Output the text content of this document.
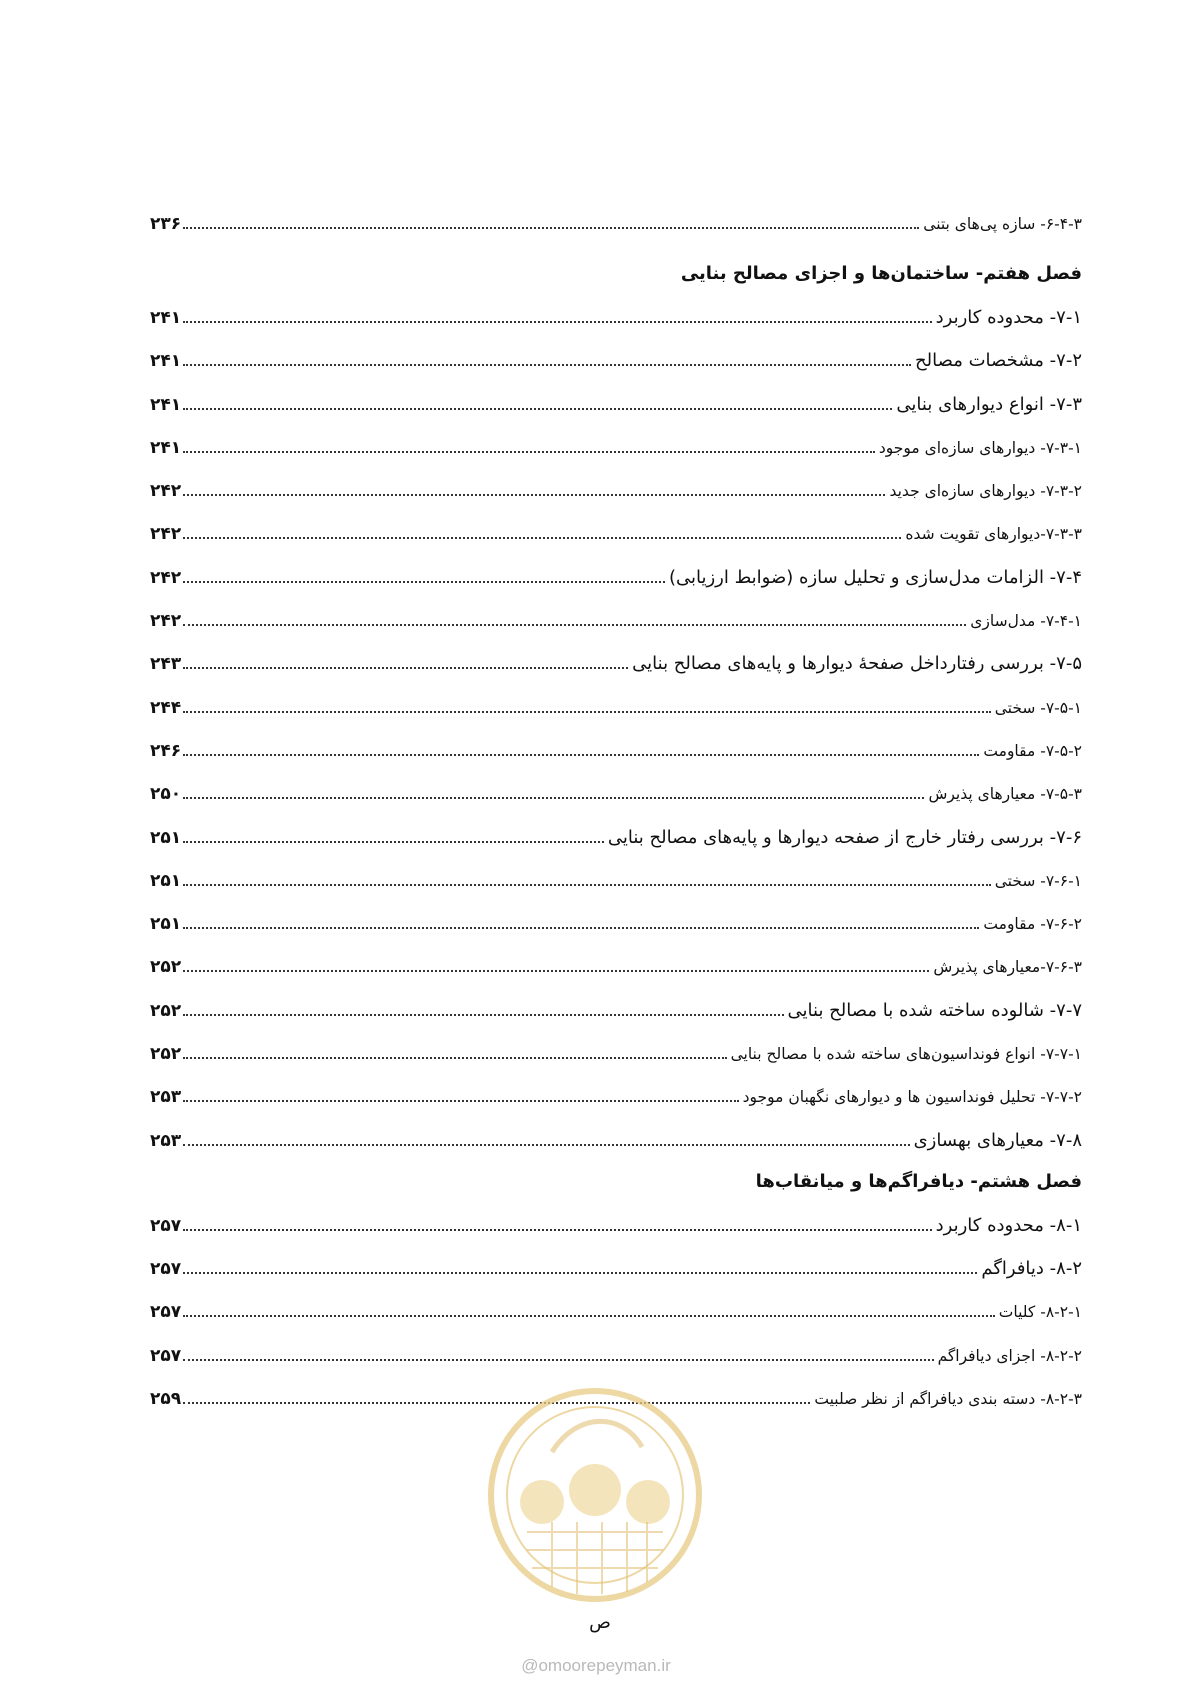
۶-۴-۳- سازه پی‌های بتنی
۲۳۶
فصل هفتم- ساختمان‌ها و اجزای مصالح بنایی
۷-۱- محدوده کاربرد
۲۴۱
۷-۲- مشخصات مصالح
۲۴۱
۷-۳- انواع دیوارهای بنایی
۲۴۱
۷-۳-۱- دیوارهای سازه‌ای موجود
۲۴۱
۷-۳-۲- دیوارهای سازه‌ای جدید
۲۴۲
۷-۳-۳-دیوارهای تقویت شده
۲۴۲
۷-۴- الزامات مدل‌سازی و تحلیل سازه (ضوابط ارزیابی)
۲۴۲
۷-۴-۱- مدل‌سازی
۲۴۲
۷-۵- بررسی رفتارداخل صفحهٔ دیوارها و پایه‌های مصالح بنایی
۲۴۳
۷-۵-۱- سختی
۲۴۴
۷-۵-۲- مقاومت
۲۴۶
۷-۵-۳- معیارهای پذیرش
۲۵۰
۷-۶- بررسی رفتار خارج از صفحه دیوارها و پایه‌های مصالح بنایی
۲۵۱
۷-۶-۱- سختی
۲۵۱
۷-۶-۲- مقاومت
۲۵۱
۷-۶-۳-معیارهای پذیرش
۲۵۲
۷-۷- شالوده ساخته شده با مصالح بنایی
۲۵۲
۷-۷-۱- انواع فونداسیون‌های ساخته شده با مصالح بنایی
۲۵۲
۷-۷-۲- تحلیل فونداسیون ها و دیوارهای نگهبان موجود
۲۵۳
۷-۸- معیارهای بهسازی
۲۵۳
فصل هشتم- دیافراگم‌ها و میانقاب‌ها
۸-۱- محدوده کاربرد
۲۵۷
۸-۲- دیافراگم
۲۵۷
۸-۲-۱- کلیات
۲۵۷
۸-۲-۲- اجزای دیافراگم
۲۵۷
۸-۲-۳- دسته بندی دیافراگم از نظر صلبیت
۲۵۹
ص
@omoorepeyman.ir
